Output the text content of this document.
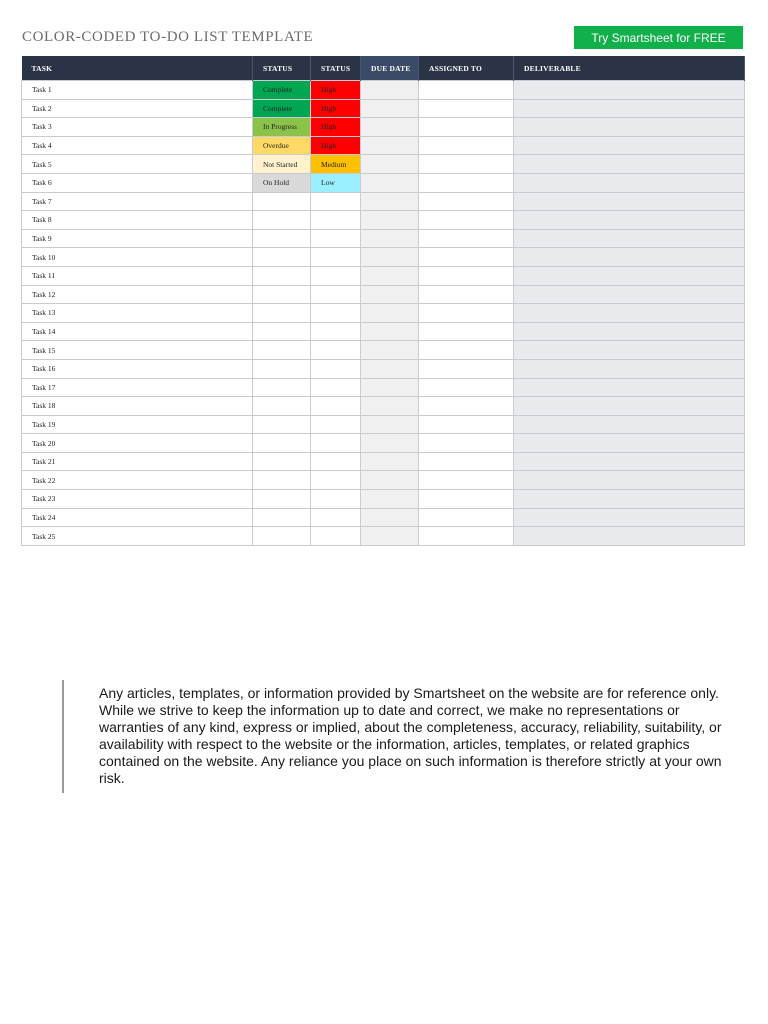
COLOR-CODED TO-DO LIST TEMPLATE	Try Smartsheet for FREE
TASK	STATUS	STATUS	DUE DATE	ASSIGNED TO	DELIVERABLE
Task 1	Complete	High			
Task 2	Complete	High			
Task 3	In Progress	High			
Task 4	Overdue	High			
Task 5	Not Started	Medium			
Task 6	On Hold	Low			
Task 7					
Task 8					
Task 9					
Task 10					
Task 11					
Task 12					
Task 13					
Task 14					
Task 15					
Task 16					
Task 17					
Task 18					
Task 19					
Task 20					
Task 21					
Task 22					
Task 23					
Task 24					
Task 25					

Any articles, templates, or information provided by Smartsheet on the website are for reference only. While we strive to keep the information up to date and correct, we make no representations or warranties of any kind, express or implied, about the completeness, accuracy, reliability, suitability, or availability with respect to the website or the information, articles, templates, or related graphics contained on the website. Any reliance you place on such information is therefore strictly at your own risk.
